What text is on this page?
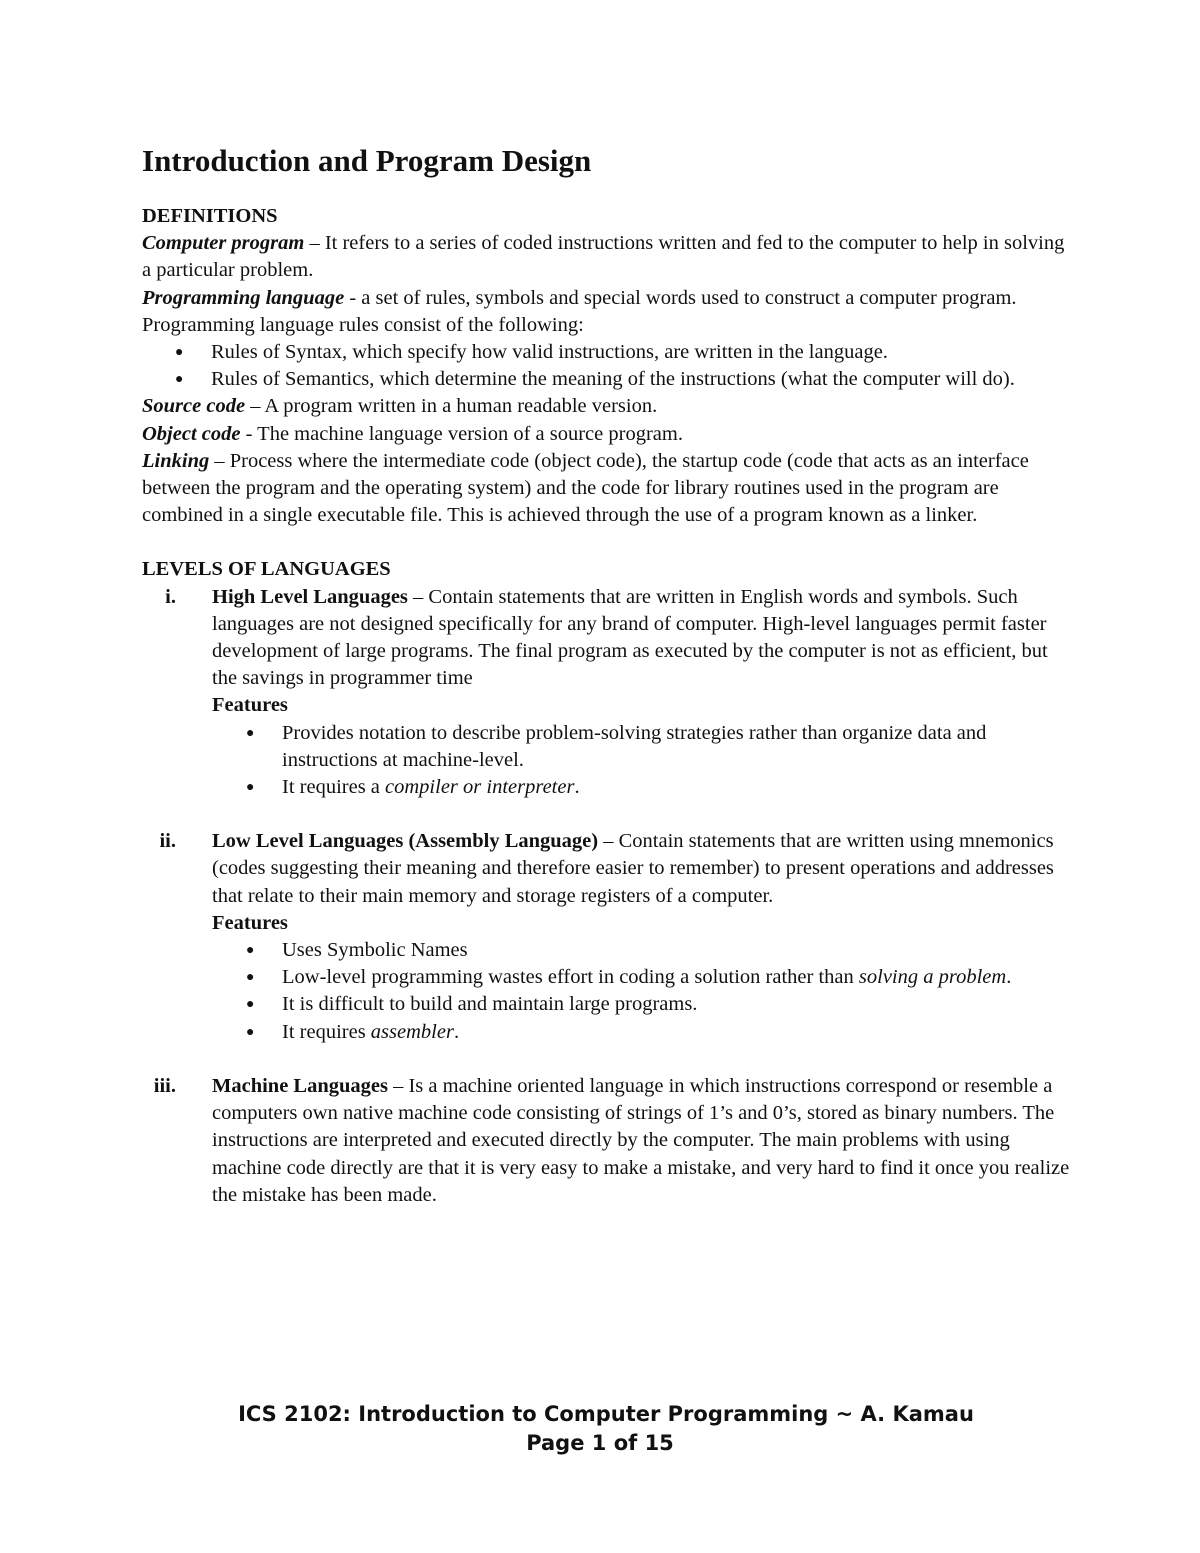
Introduction and Program Design

DEFINITIONS

Computer program – It refers to a series of coded instructions written and fed to the computer to help in solving a particular problem.

Programming language - a set of rules, symbols and special words used to construct a computer program. Programming language rules consist of the following:

● Rules of Syntax, which specify how valid instructions, are written in the language.
● Rules of Semantics, which determine the meaning of the instructions (what the computer will do).

Source code – A program written in a human readable version.

Object code - The machine language version of a source program.

Linking – Process where the intermediate code (object code), the startup code (code that acts as an interface between the program and the operating system) and the code for library routines used in the program are combined in a single executable file. This is achieved through the use of a program known as a linker.

LEVELS OF LANGUAGES

i. High Level Languages – Contain statements that are written in English words and symbols. Such languages are not designed specifically for any brand of computer. High-level languages permit faster development of large programs. The final program as executed by the computer is not as efficient, but the savings in programmer time

Features

● Provides notation to describe problem-solving strategies rather than organize data and instructions at machine-level.
● It requires a compiler or interpreter.
ii. Low Level Languages (Assembly Language) – Contain statements that are written using mnemonics (codes suggesting their meaning and therefore easier to remember) to present operations and addresses that relate to their main memory and storage registers of a computer.

Features

● Uses Symbolic Names
● Low-level programming wastes effort in coding a solution rather than solving a problem.
● It is difficult to build and maintain large programs.
● It requires assembler.
iii. Machine Languages – Is a machine oriented language in which instructions correspond or resemble a computers own native machine code consisting of strings of 1’s and 0’s, stored as binary numbers. The instructions are interpreted and executed directly by the computer. The main problems with using machine code directly are that it is very easy to make a mistake, and very hard to find it once you realize the mistake has been made.

ICS 2102: Introduction to Computer Programming ~ A. Kamau
Page 1 of 15
